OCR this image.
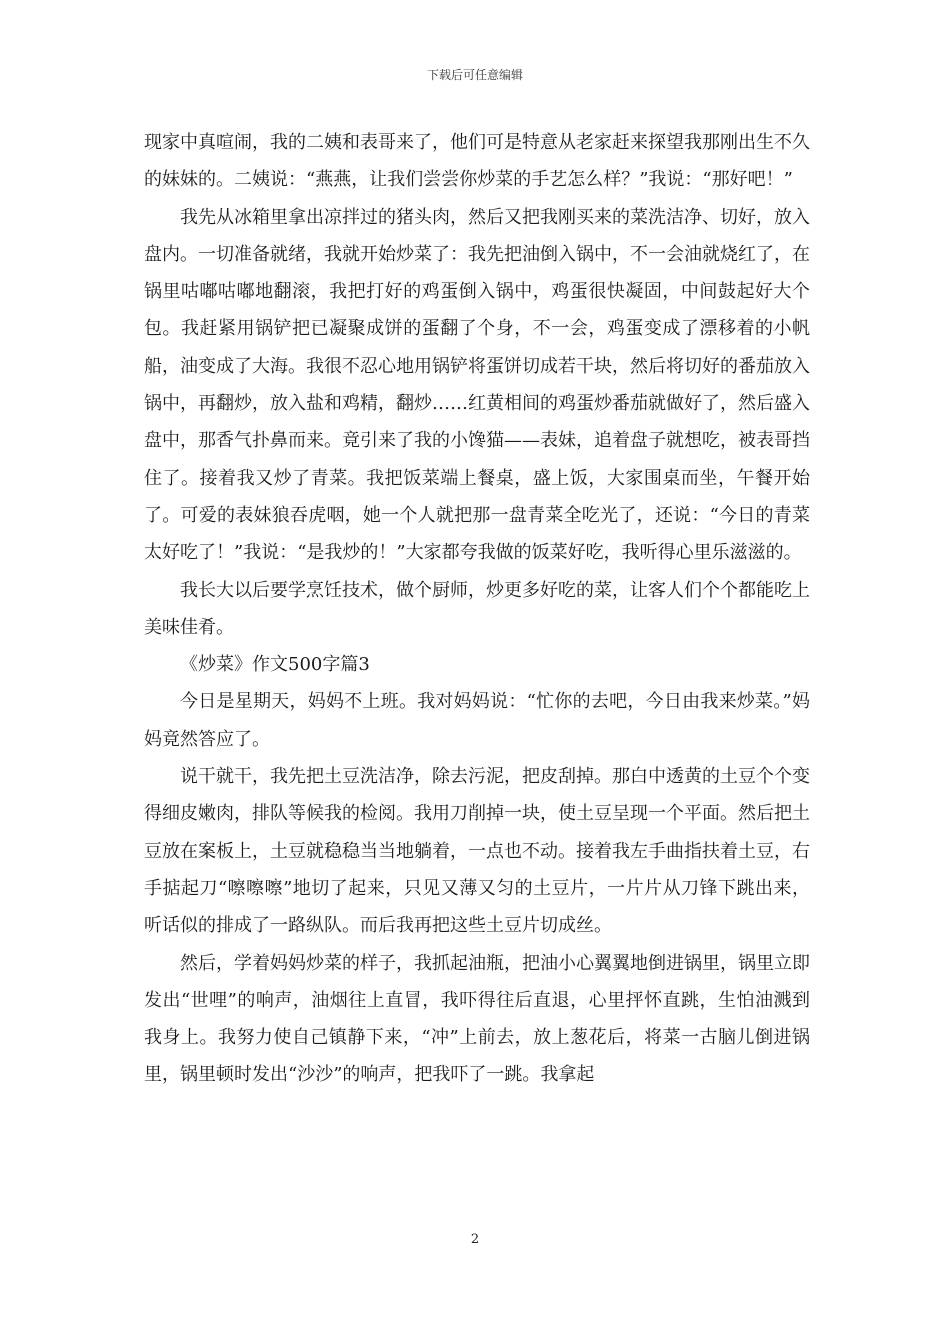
下载后可任意编辑

现家中真喧闹，我的二姨和表哥来了，他们可是特意从老家赶来探望我那刚出生不久的妹妹的。二姨说：“燕燕，让我们尝尝你炒菜的手艺怎么样？”我说：“那好吧！”

我先从冰箱里拿出凉拌过的猪头肉，然后又把我刚买来的菜洗洁净、切好，放入盘内。一切准备就绪，我就开始炒菜了：我先把油倒入锅中，不一会油就烧红了，在锅里咕嘟咕嘟地翻滚，我把打好的鸡蛋倒入锅中，鸡蛋很快凝固，中间鼓起好大个包。我赶紧用锅铲把已凝聚成饼的蛋翻了个身，不一会，鸡蛋变成了漂移着的小帆船，油变成了大海。我很不忍心地用锅铲将蛋饼切成若干块，然后将切好的番茄放入锅中，再翻炒，放入盐和鸡精，翻炒……红黄相间的鸡蛋炒番茄就做好了，然后盛入盘中，那香气扑鼻而来。竟引来了我的小馋猫——表妹，追着盘子就想吃，被表哥挡住了。接着我又炒了青菜。我把饭菜端上餐桌，盛上饭，大家围桌而坐，午餐开始了。可爱的表妹狼吞虎咽，她一个人就把那一盘青菜全吃光了，还说：“今日的青菜太好吃了！”我说：“是我炒的！”大家都夸我做的饭菜好吃，我听得心里乐滋滋的。

我长大以后要学烹饪技术，做个厨师，炒更多好吃的菜，让客人们个个都能吃上美味佳肴。

《炒菜》作文500字篇3

今日是星期天，妈妈不上班。我对妈妈说：“忙你的去吧，今日由我来炒菜。”妈妈竟然答应了。

说干就干，我先把土豆洗洁净，除去污泥，把皮刮掉。那白中透黄的土豆个个变得细皮嫩肉，排队等候我的检阅。我用刀削掉一块，使土豆呈现一个平面。然后把土豆放在案板上，土豆就稳稳当当地躺着，一点也不动。接着我左手曲指扶着土豆，右手掂起刀“嚓嚓嚓”地切了起来，只见又薄又匀的土豆片，一片片从刀锋下跳出来，听话似的排成了一路纵队。而后我再把这些土豆片切成丝。

然后，学着妈妈炒菜的样子，我抓起油瓶，把油小心翼翼地倒进锅里，锅里立即发出“世哩”的响声，油烟往上直冒，我吓得往后直退，心里抨怀直跳，生怕油溅到我身上。我努力使自己镇静下来，“冲”上前去，放上葱花后，将菜一古脑儿倒进锅里，锅里顿时发出“沙沙”的响声，把我吓了一跳。我拿起

2
